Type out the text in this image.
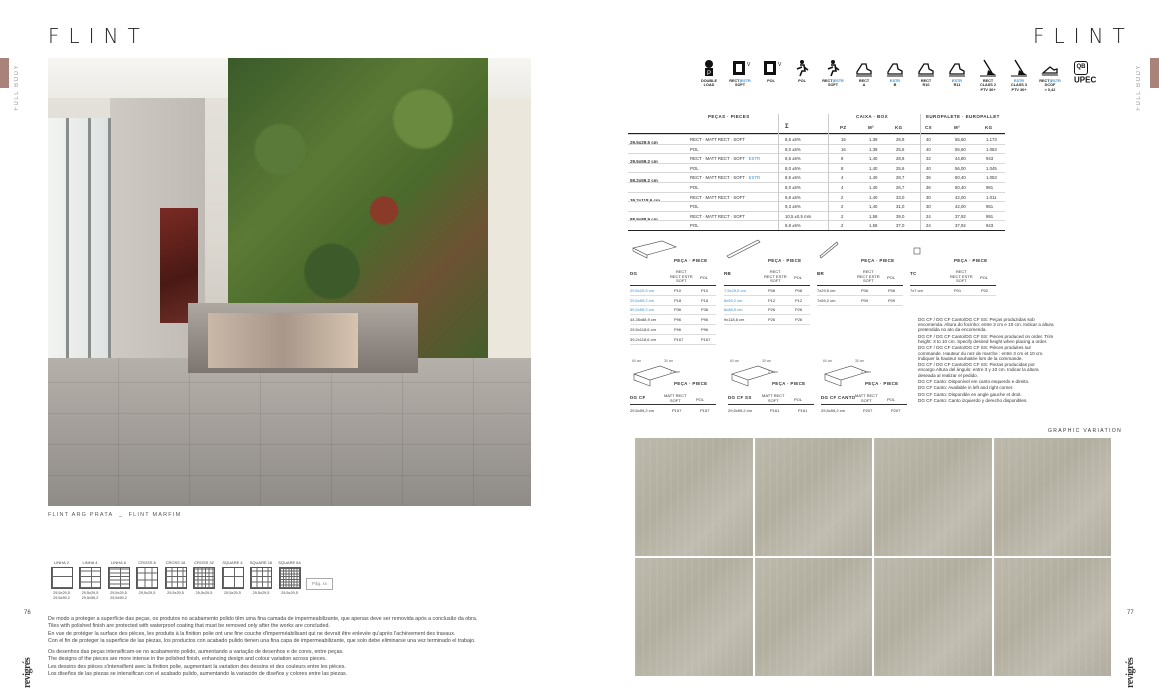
FLINT
FULL BODY
FLINT ARG PRATA _ FLINT MARFIM
LINHA 2
29,5x29,5
29,5x59,2
LINHA 4
29,5x29,5
29,5x59,2
LINHA 6
29,5x29,5
29,5x59,2
CROSS 8
29,5x29,5
CROSS 16
29,5x29,5
CROSS 32
29,5x29,5
SQUARE 4
29,5x29,5
SQUARE 16
29,5x29,5
SQUARE 64
29,5x29,5
Pág. xx
76
De modo a proteger a superfície das peças, os produtos no acabamento polido têm uma fina camada de impermeabilizante, que apenas deve ser removida após a conclusão da obra.
Tiles with polished finish are protected with waterproof coating that must be removed only after the works are concluded.
En vue de protéger la surface des pièces, les produits à la finition polie ont une fine couche d'imperméabilisant qui ne devrait être enlevée qu'après l'achèvement des travaux.
Con el fin de proteger la superficie de las piezas, los productos con acabado pulido tienen una fina capa de impermeabilizante, que solo debe eliminarse una vez terminado el trabajo.
Os desenhos das peças intensificam-se no acabamento polido, aumentando a variação de desenhos e de cores, entre peças.
The designs of the pieces are more intense in the polished finish, enhancing design and colour variation across pieces.
Les dessins des pièces s'intensifient avec la finition polie, augmentant la variation des dessins et des couleurs entre les pièces.
Los diseños de las piezas se intensifican con el acabado pulido, aumentando la variación de diseños y colores entre las piezas.
revigrés
FLINT
FULL BODY
P
DOUBLE
LOAD
V
RECT|ESTR
SOFT
V
POL	POL	RECT|ESTR
SOFT
RECT
A
ESTR
B
RECT
R10
ESTR
R11
RECT
CLASS 2
PTV 36+
ESTR
CLASS 3
PTV 36+
RECT|ESTR
DCOF
> 0,42
QB UPEC
PEÇAS · PIECES
Σ
CAIXA · BOX	EUROPALETE · EUROPALLET
PZ	M²	KG	CX	M²	KG
29,5x29,5 cm
RECT · MATT RECT · SOFT	8,5 ±5%	16	1,39	28,8	40	55,60	1.173
POL	8,0 ±5%	16	1,39	25,6	40	55,60	1.063
29,5x59,2 cm
RECT · MATT RECT · SOFT · ESTR	8,5 ±5%	8	1,40	28,8	32	44,80	943
POL	8,0 ±5%	8	1,40	25,6	40	56,00	1.045
59,2x59,2 cm
RECT · MATT RECT · SOFT · ESTR	8,5 ±5%	4	1,40	28,7	36	50,40	1.053
POL	8,0 ±5%	4	1,40	26,7	36	50,40	981
39,2x118,6 cm
RECT · MATT RECT · SOFT	9,8 ±5%	2	1,40	33,0	30	42,00	1.011
POL	9,3 ±5%	2	1,40	31,0	30	42,00	951
88,9x88,9 cm
RECT · MATT RECT · SOFT	10,5 ±0,5 mm	2	1,58	39,0	24	37,92	991
POL	9,8 ±5%	2	1,58	37,0	24	37,92	943
PEÇA · PIECE
DG	RECT
RECT ESTR
SOFT
POL
29,5x29,5 cm	P10	P10
29,5x59,2 cm	P18	P18
59,2x59,2 cm	P36	P36
44,35x88,9 cm	P96	P96
29,5x118,6 cm	P96	P96
39,2x118,6 cm	P167	P167
PEÇA · PIECE
RB	RECT
RECT ESTR
SOFT
POL
7,5x29,5 cm	P08	P08
8x59,2 cm	P12	P12
8x88,9 cm	P26	P26
9x118,6 cm	P26	P26
PEÇA · PIECE
BR	RECT
RECT ESTR
SOFT
POL
7x29,5 cm	P06	P06
7x59,2 cm	P09	P09
PEÇA · PIECE
TC	RECT
RECT ESTR
SOFT
POL
7x7 cm	P01	P02
60 cm	30 cm
2,5 cm
PEÇA · PIECE
DG CF	MATT RECT
SOFT	POL
29,5x59,2 cm	P157	P157
60 cm	30 cm
2,5 cm
PEÇA · PIECE
DG CF SS	MATT RECT
SOFT	POL
29,5x59,2 cm	P161	P161
60 cm	30 cm
2,5 cm
PEÇA · PIECE
DG CF CANTO MATT RECT
SOFT	POL
29,5x59,2 cm	P207	P207

DG CF / DG CF Canto/DG CF SS: Peças produzidas sob encomenda. Altura do focinho: entre 3 cm e 10 cm. Indicar a altura pretendida no ato da encomenda.

DG CF / DG CF Canto/DG CF SS: Pieces produced on order. Trim height: 3 to 10 cm. Specify desired height when placing a order.

DG CF / DG CF Canto/DG CF SS: Pièces produites sur commande. Hauteur du nez de marche : entre 3 cm et 10 cm. Indiquer la hauteur souhaitée lors de la commande.

DG CF / DG CF Canto/DG CF SS: Piezas producidas por encargo.Altura del ángulo: entre 3 y 10 cm. Indicar la altura deseada al realizar el pedido.

DG CF Canto: Disponível em canto esquerdo e direito.

DG CF Canto: Available in left and right corner.

DG CF Canto: Disponible en angle gauche et droit.

DG CF Canto: Canto izquierdo y derecho disponibles.

GRAPHIC VARIATION
77
revigrés
